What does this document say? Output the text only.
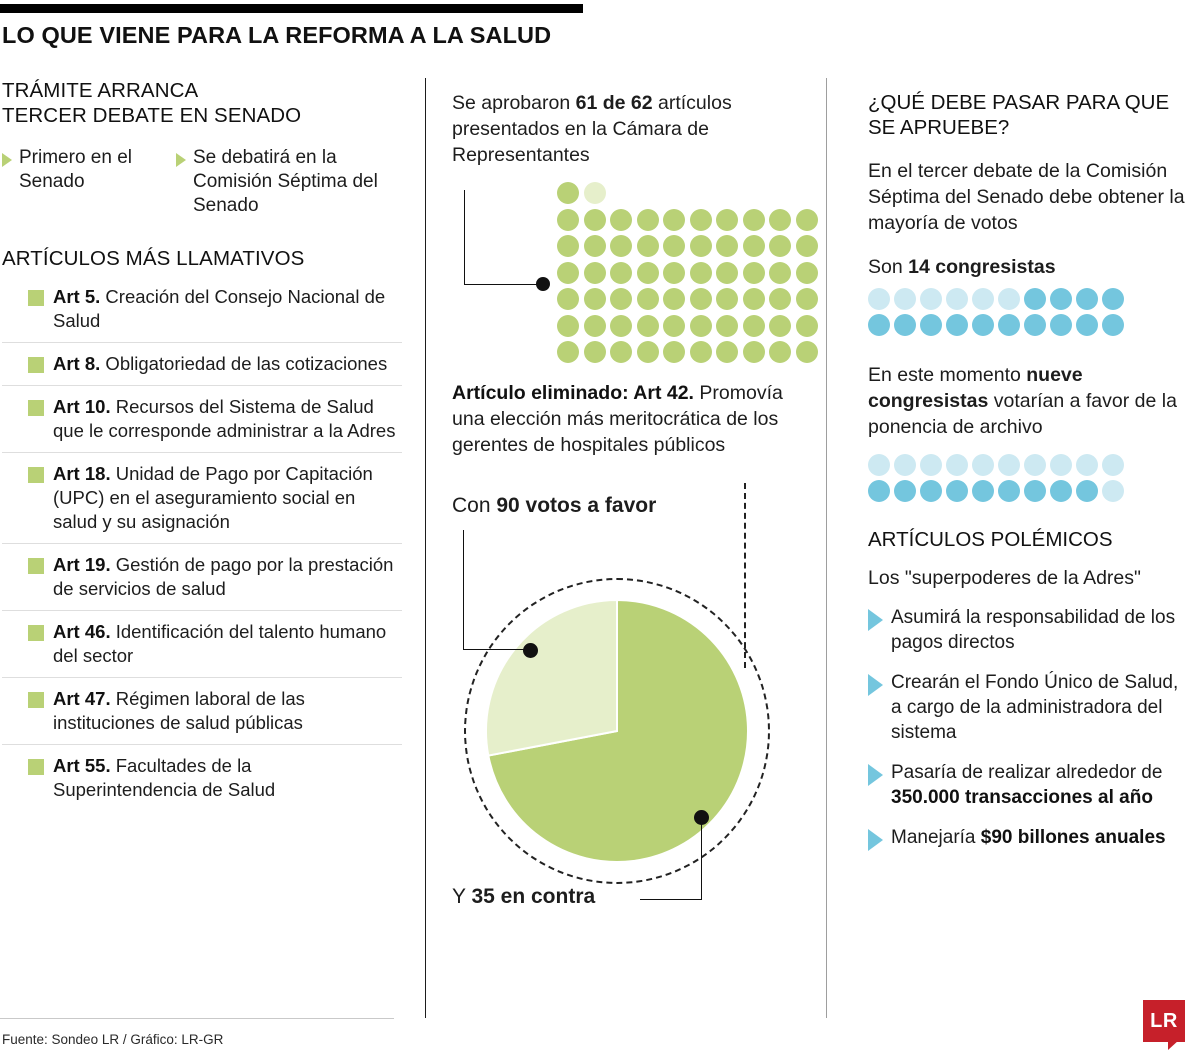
LO QUE VIENE PARA LA REFORMA A LA SALUD
TRÁMITE ARRANCA
TERCER DEBATE EN SENADO
Primero en el Senado
Se debatirá en la Comisión Séptima del Senado
ARTÍCULOS MÁS LLAMATIVOS
Art 5. Creación del Consejo Nacional de Salud
Art 8. Obligatoriedad de las cotizaciones
Art 10. Recursos del Sistema de Salud que le corresponde administrar a la Adres
Art 18. Unidad de Pago por Capitación (UPC) en el aseguramiento social en salud y su asignación
Art 19. Gestión de pago por la prestación de servicios de salud
Art 46. Identificación del talento humano del sector
Art 47. Régimen laboral de las instituciones de salud públicas
Art 55. Facultades de la Superintendencia de Salud
Fuente: Sondeo LR / Gráfico: LR-GR
Se aprobaron 61 de 62 artículos presentados en la Cámara de Representantes
Artículo eliminado: Art 42. Promovía una elección más meritocrática de los gerentes de hospitales públicos
Con 90 votos a favor
Y 35 en contra
¿QUÉ DEBE PASAR PARA QUE SE APRUEBE?
En el tercer debate de la Comisión Séptima del Senado debe obtener la mayoría de votos
Son 14 congresistas
En este momento nueve congresistas votarían a favor de la ponencia de archivo
ARTÍCULOS POLÉMICOS
Los "superpoderes de la Adres"
Asumirá la responsabilidad de los pagos directos
Crearán el Fondo Único de Salud, a cargo de la administradora del sistema
Pasaría de realizar alrededor de 350.000 transacciones al año
Manejaría $90 billones anuales
LR
